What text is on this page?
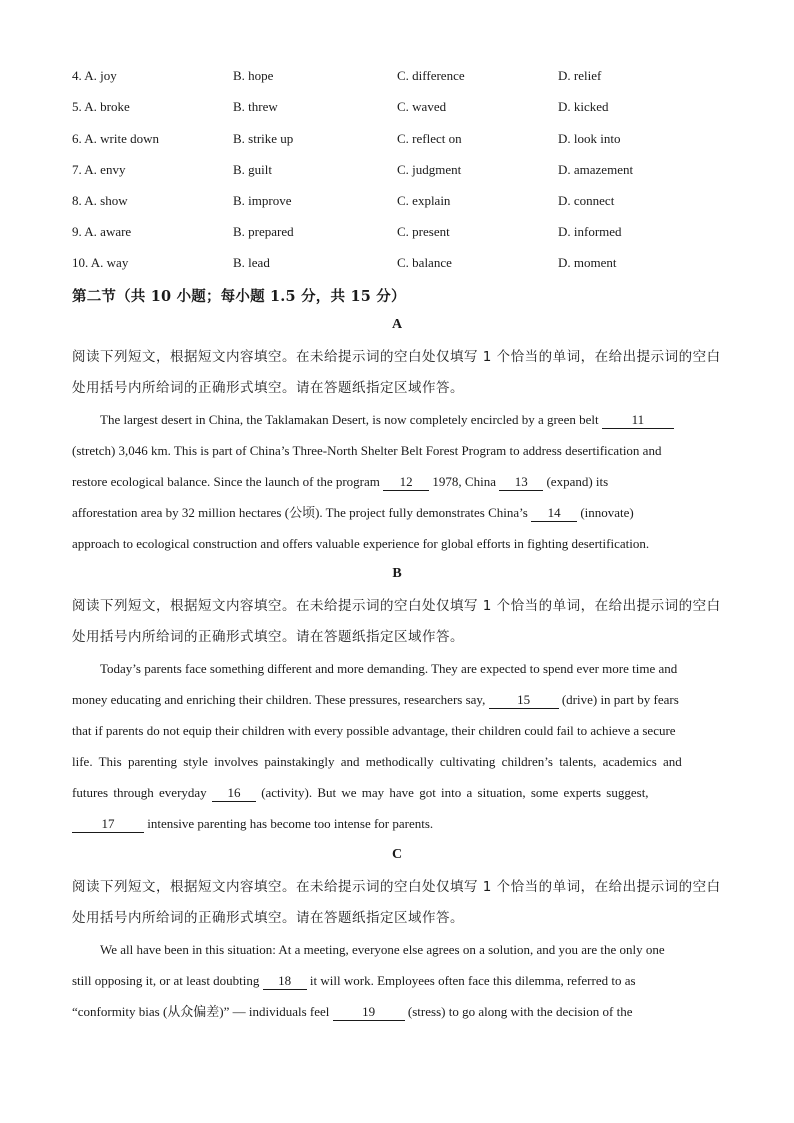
4. A. joy	B. hope	C. difference	D. relief
5. A. broke	B. threw	C. waved	D. kicked
6. A. write down	B. strike up	C. reflect on	D. look into
7. A. envy	B. guilt	C. judgment	D. amazement
8. A. show	B. improve	C. explain	D. connect
9. A. aware	B. prepared	C. present	D. informed
10. A. way	B. lead	C. balance	D. moment
第二节（共 10 小题；每小题 1.5 分，共 15 分）
A
阅读下列短文，根据短文内容填空。在未给提示词的空白处仅填写 1 个恰当的单词，在给出提示词的空白
处用括号内所给词的正确形式填空。请在答题纸指定区域作答。
The largest desert in China, the Taklamakan Desert, is now completely encircled by a green belt 11
(stretch) 3,046 km. This is part of China’s Three-North Shelter Belt Forest Program to address desertification and
restore ecological balance. Since the launch of the program 12 1978, China 13 (expand) its
afforestation area by 32 million hectares (公顷). The project fully demonstrates China’s 14 (innovate)
approach to ecological construction and offers valuable experience for global efforts in fighting desertification.
B
阅读下列短文，根据短文内容填空。在未给提示词的空白处仅填写 1 个恰当的单词，在给出提示词的空白
处用括号内所给词的正确形式填空。请在答题纸指定区域作答。
Today’s parents face something different and more demanding. They are expected to spend ever more time and
money educating and enriching their children. These pressures, researchers say, 15 (drive) in part by fears
that if parents do not equip their children with every possible advantage, their children could fail to achieve a secure
life. This parenting style involves painstakingly and methodically cultivating children’s talents, academics and
futures through everyday 16 (activity). But we may have got into a situation, some experts suggest,
17 intensive parenting has become too intense for parents.
C
阅读下列短文，根据短文内容填空。在未给提示词的空白处仅填写 1 个恰当的单词，在给出提示词的空白
处用括号内所给词的正确形式填空。请在答题纸指定区域作答。
We all have been in this situation: At a meeting, everyone else agrees on a solution, and you are the only one
still opposing it, or at least doubting 18 it will work. Employees often face this dilemma, referred to as
“conformity bias (从众偏差)” — individuals feel 19 (stress) to go along with the decision of the
